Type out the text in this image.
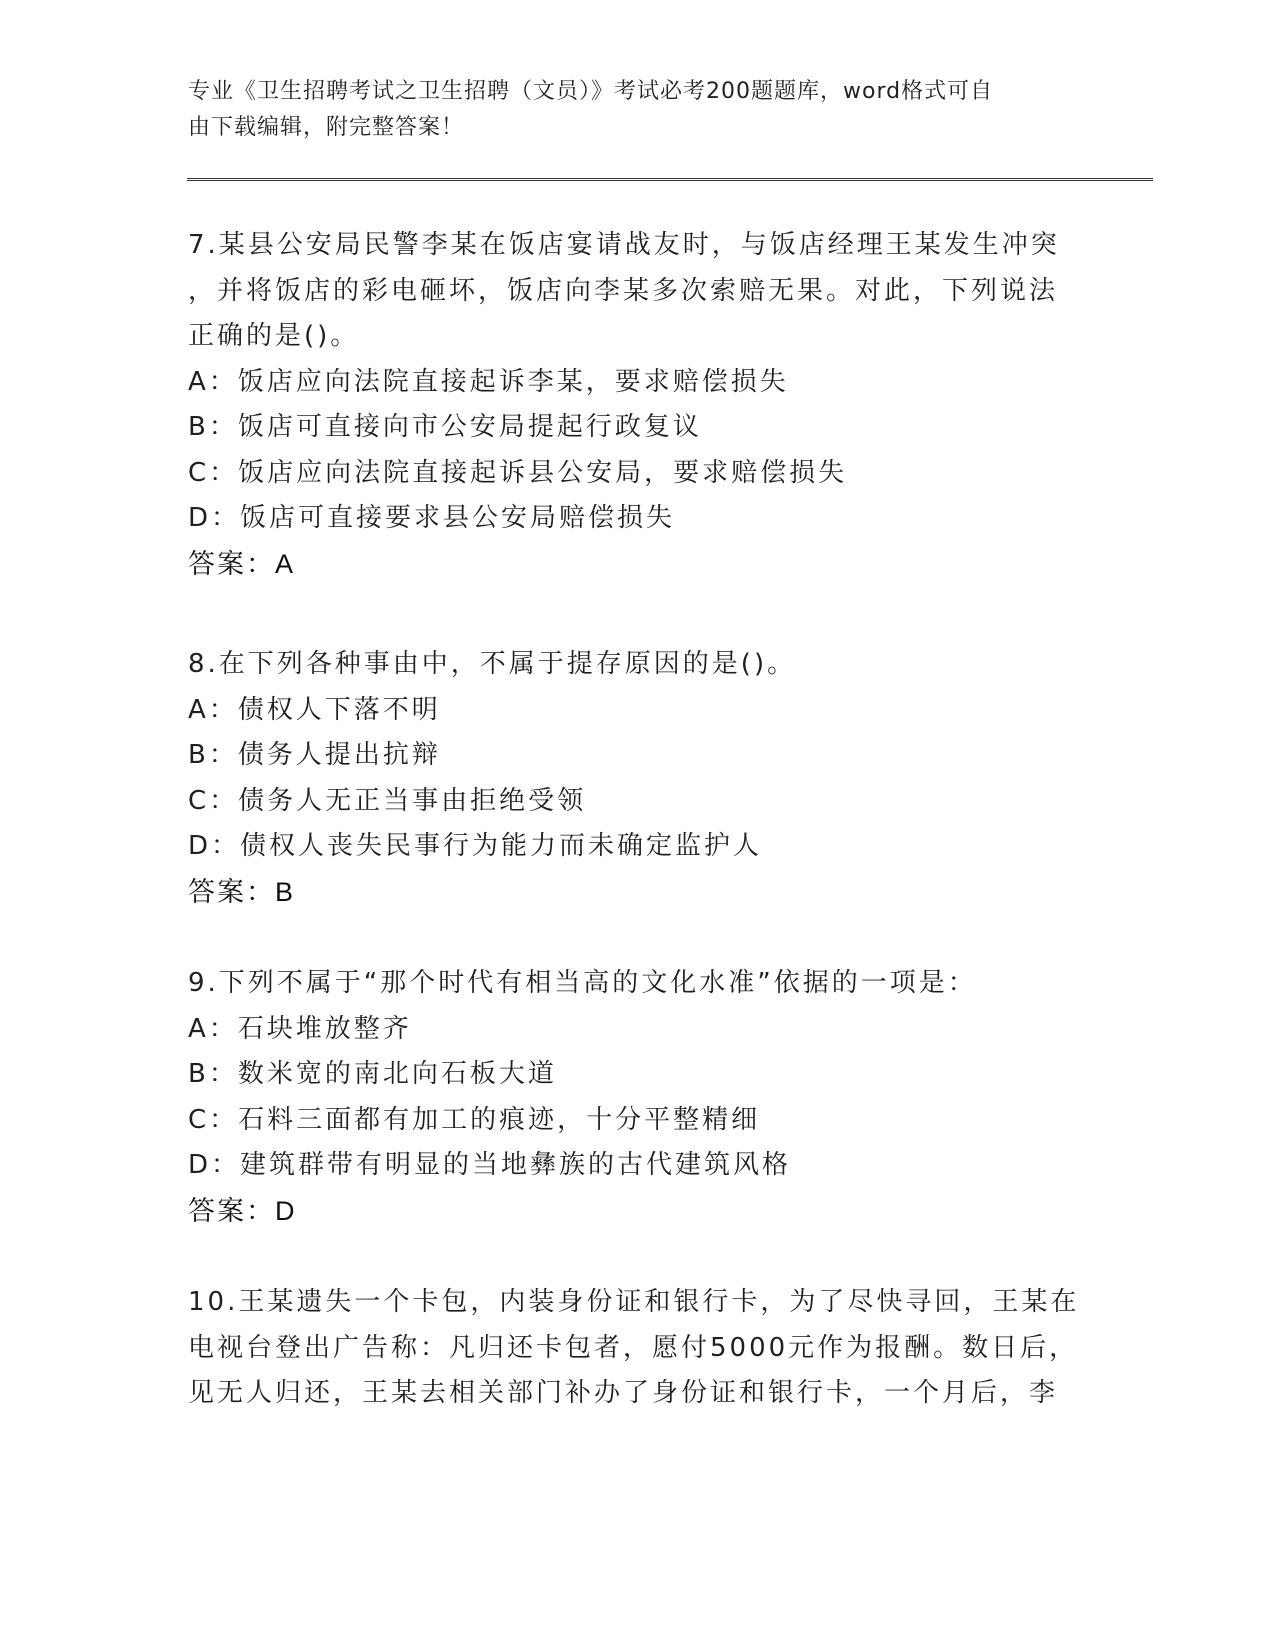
专业《卫生招聘考试之卫生招聘（文员）》考试必考200题题库，word格式可自
由下载编辑，附完整答案！
7.某县公安局民警李某在饭店宴请战友时，与饭店经理王某发生冲突
，并将饭店的彩电砸坏，饭店向李某多次索赔无果。对此，下列说法
正确的是()。
A：饭店应向法院直接起诉李某，要求赔偿损失
B：饭店可直接向市公安局提起行政复议
C：饭店应向法院直接起诉县公安局，要求赔偿损失
D：饭店可直接要求县公安局赔偿损失
答案：A
8.在下列各种事由中，不属于提存原因的是()。
A：债权人下落不明
B：债务人提出抗辩
C：债务人无正当事由拒绝受领
D：债权人丧失民事行为能力而未确定监护人
答案：B
9.下列不属于“那个时代有相当高的文化水准”依据的一项是：
A：石块堆放整齐
B：数米宽的南北向石板大道
C：石料三面都有加工的痕迹，十分平整精细
D：建筑群带有明显的当地彝族的古代建筑风格
答案：D
10.王某遗失一个卡包，内装身份证和银行卡，为了尽快寻回，王某在
电视台登出广告称：凡归还卡包者，愿付5000元作为报酬。数日后，
见无人归还，王某去相关部门补办了身份证和银行卡，一个月后，李
